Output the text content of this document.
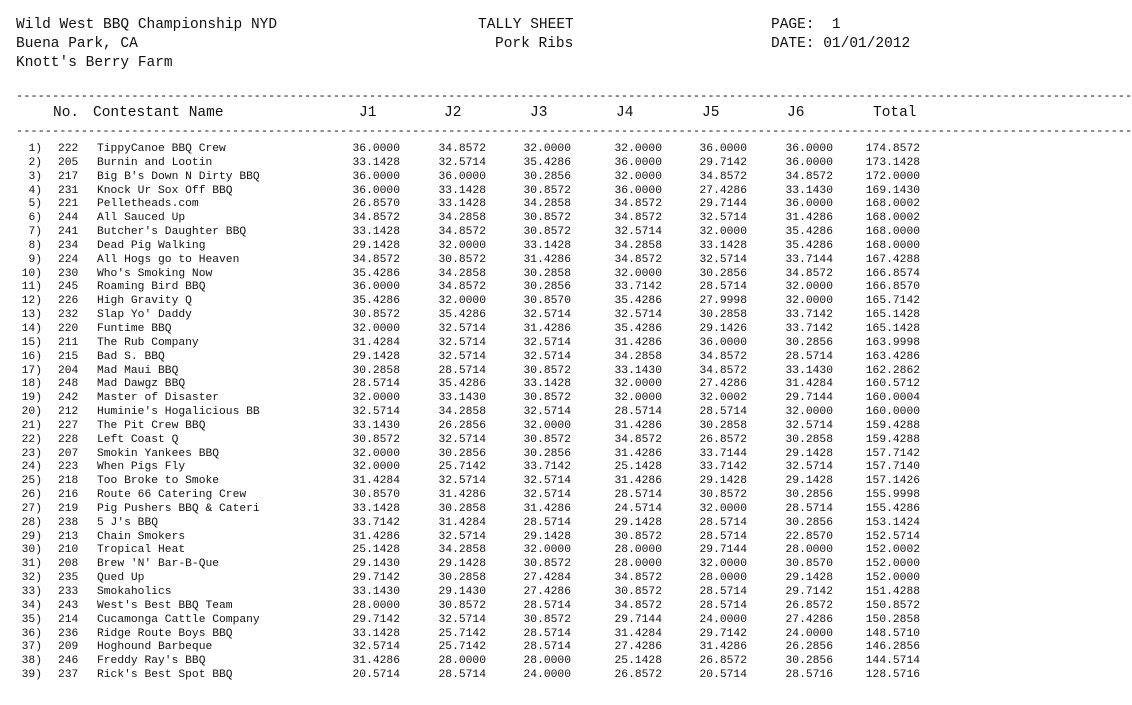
Wild West BBQ Championship NYD
Buena Park, CA
Knott's Berry Farm
TALLY SHEET
Pork Ribs
PAGE:  1
DATE: 01/01/2012
-----------------------------------------------------------------------------------------------------------------------------------------------------------
-----------------------------------------------------------------------------------------------------------------------------------------------------------
No. Contestant Name	J1	J2	J3	J4	J5	J6	Total
1) 222 TippyCanoe BBQ Crew	36.0000	34.8572	32.0000	32.0000	36.0000	36.0000	174.8572
2) 205 Burnin and Lootin	33.1428	32.5714	35.4286	36.0000	29.7142	36.0000	173.1428
3) 217 Big B's Down N Dirty BBQ	36.0000	36.0000	30.2856	32.0000	34.8572	34.8572	172.0000
4) 231 Knock Ur Sox Off BBQ	36.0000	33.1428	30.8572	36.0000	27.4286	33.1430	169.1430
5) 221 Pelletheads.com	26.8570	33.1428	34.2858	34.8572	29.7144	36.0000	168.0002
6) 244 All Sauced Up	34.8572	34.2858	30.8572	34.8572	32.5714	31.4286	168.0002
7) 241 Butcher's Daughter BBQ	33.1428	34.8572	30.8572	32.5714	32.0000	35.4286	168.0000
8) 234 Dead Pig Walking	29.1428	32.0000	33.1428	34.2858	33.1428	35.4286	168.0000
9) 224 All Hogs go to Heaven	34.8572	30.8572	31.4286	34.8572	32.5714	33.7144	167.4288
10) 230 Who's Smoking Now	35.4286	34.2858	30.2858	32.0000	30.2856	34.8572	166.8574
11) 245 Roaming Bird BBQ	36.0000	34.8572	30.2856	33.7142	28.5714	32.0000	166.8570
12) 226 High Gravity Q	35.4286	32.0000	30.8570	35.4286	27.9998	32.0000	165.7142
13) 232 Slap Yo' Daddy	30.8572	35.4286	32.5714	32.5714	30.2858	33.7142	165.1428
14) 220 Funtime BBQ	32.0000	32.5714	31.4286	35.4286	29.1426	33.7142	165.1428
15) 211 The Rub Company	31.4284	32.5714	32.5714	31.4286	36.0000	30.2856	163.9998
16) 215 Bad S. BBQ	29.1428	32.5714	32.5714	34.2858	34.8572	28.5714	163.4286
17) 204 Mad Maui BBQ	30.2858	28.5714	30.8572	33.1430	34.8572	33.1430	162.2862
18) 248 Mad Dawgz BBQ	28.5714	35.4286	33.1428	32.0000	27.4286	31.4284	160.5712
19) 242 Master of Disaster	32.0000	33.1430	30.8572	32.0000	32.0002	29.7144	160.0004
20) 212 Huminie's Hogalicious BB	32.5714	34.2858	32.5714	28.5714	28.5714	32.0000	160.0000
21) 227 The Pit Crew BBQ	33.1430	26.2856	32.0000	31.4286	30.2858	32.5714	159.4288
22) 228 Left Coast Q	30.8572	32.5714	30.8572	34.8572	26.8572	30.2858	159.4288
23) 207 Smokin Yankees BBQ	32.0000	30.2856	30.2856	31.4286	33.7144	29.1428	157.7142
24) 223 When Pigs Fly	32.0000	25.7142	33.7142	25.1428	33.7142	32.5714	157.7140
25) 218 Too Broke to Smoke	31.4284	32.5714	32.5714	31.4286	29.1428	29.1428	157.1426
26) 216 Route 66 Catering Crew	30.8570	31.4286	32.5714	28.5714	30.8572	30.2856	155.9998
27) 219 Pig Pushers BBQ & Cateri	33.1428	30.2858	31.4286	24.5714	32.0000	28.5714	155.4286
28) 238 5 J's BBQ	33.7142	31.4284	28.5714	29.1428	28.5714	30.2856	153.1424
29) 213 Chain Smokers	31.4286	32.5714	29.1428	30.8572	28.5714	22.8570	152.5714
30) 210 Tropical Heat	25.1428	34.2858	32.0000	28.0000	29.7144	28.0000	152.0002
31) 208 Brew 'N' Bar-B-Que	29.1430	29.1428	30.8572	28.0000	32.0000	30.8570	152.0000
32) 235 Qued Up	29.7142	30.2858	27.4284	34.8572	28.0000	29.1428	152.0000
33) 233 Smokaholics	33.1430	29.1430	27.4286	30.8572	28.5714	29.7142	151.4288
34) 243 West's Best BBQ Team	28.0000	30.8572	28.5714	34.8572	28.5714	26.8572	150.8572
35) 214 Cucamonga Cattle Company	29.7142	32.5714	30.8572	29.7144	24.0000	27.4286	150.2858
36) 236 Ridge Route Boys BBQ	33.1428	25.7142	28.5714	31.4284	29.7142	24.0000	148.5710
37) 209 Hoghound Barbeque	32.5714	25.7142	28.5714	27.4286	31.4286	26.2856	146.2856
38) 246 Freddy Ray's BBQ	31.4286	28.0000	28.0000	25.1428	26.8572	30.2856	144.5714
39) 237 Rick's Best Spot BBQ	20.5714	28.5714	24.0000	26.8572	20.5714	28.5716	128.5716
